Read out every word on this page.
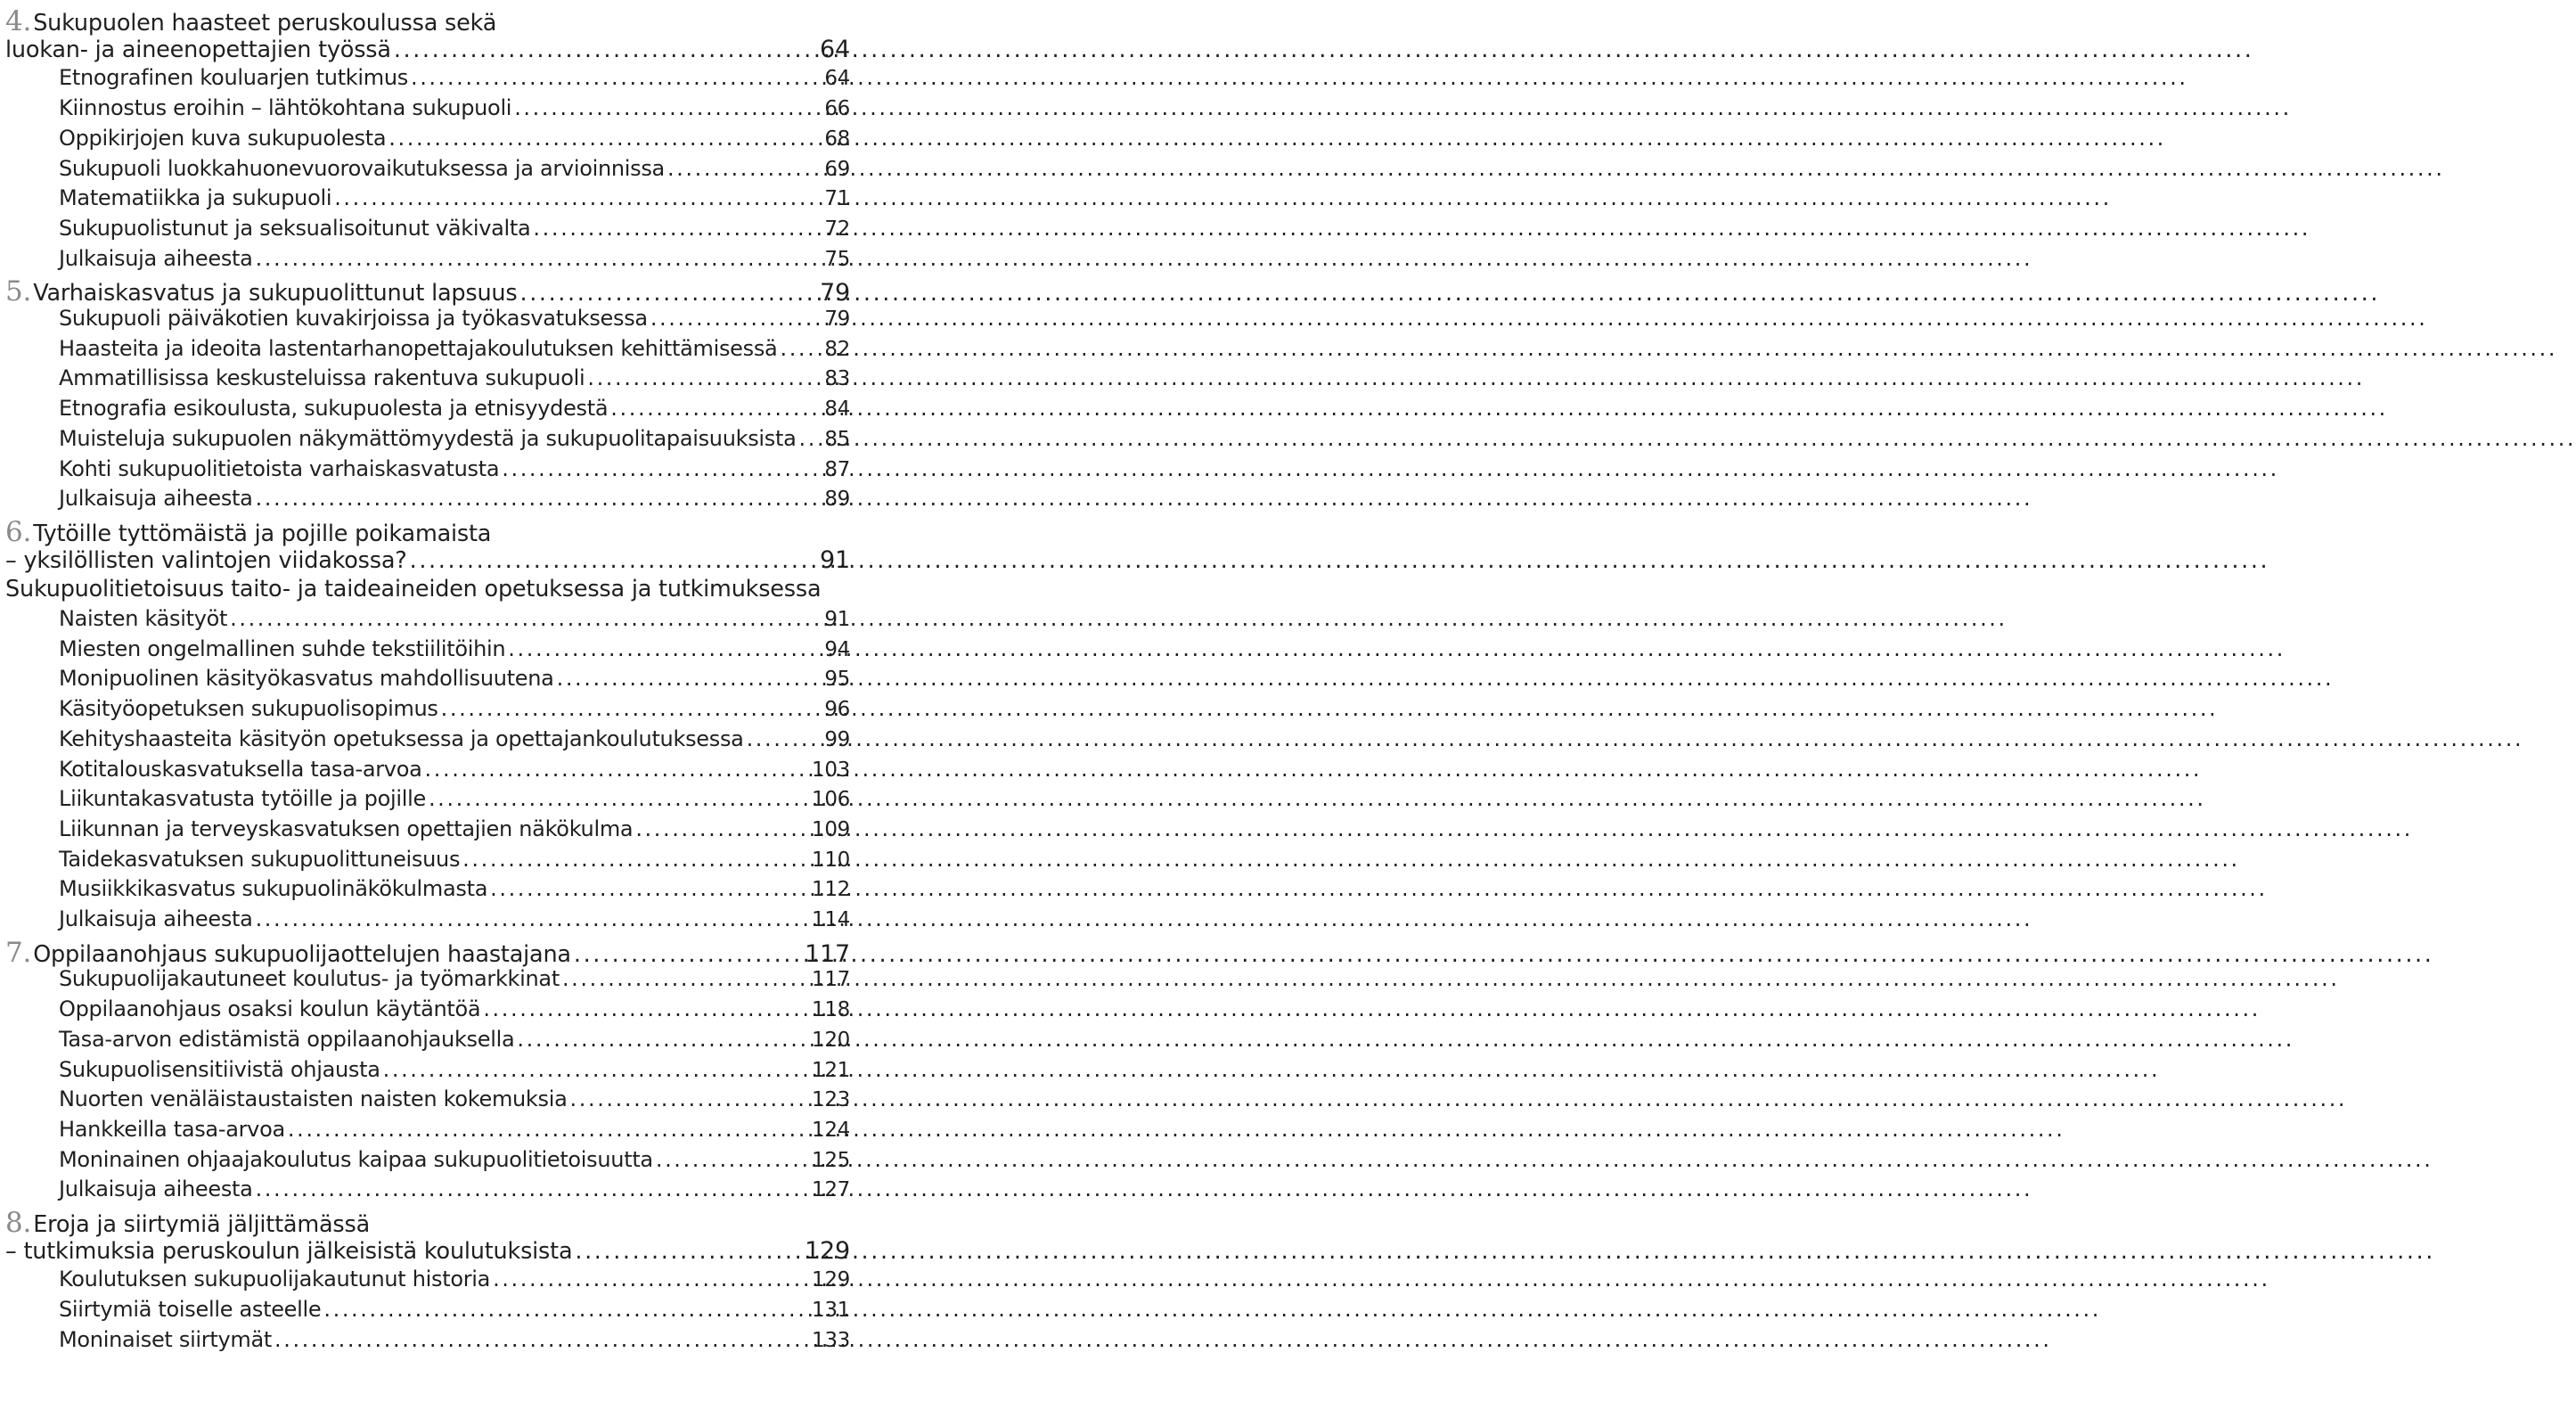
4. Sukupuolen haasteet peruskoulussa sekä
luokan- ja aineenopettajien työssä .....	64
Etnografinen kouluarjen tutkimus .....	64
Kiinnostus eroihin – lähtökohtana sukupuoli .....	66
Oppikirjojen kuva sukupuolesta .....	68
Sukupuoli luokkahuonevuorovaikutuksessa ja arvioinnissa .....	69
Matematiikka ja sukupuoli .....	71
Sukupuolistunut ja seksualisoitunut väkivalta .....	72
Julkaisuja aiheesta .....	75
5. Varhaiskasvatus ja sukupuolittunut lapsuus .....	79
Sukupuoli päiväkotien kuvakirjoissa ja työkasvatuksessa .....	79
Haasteita ja ideoita lastentarhanopettajakoulutuksen kehittämisessä ..... 82
Ammatillisissa keskusteluissa rakentuva sukupuoli .....	83
Etnografia esikoulusta, sukupuolesta ja etnisyydestä .....	84
Muisteluja sukupuolen näkymättömyydestä ja sukupuolitapaisuuksista ..... 85
Kohti sukupuolitietoista varhaiskasvatusta .....	87
Julkaisuja aiheesta .....	89
6. Tytöille tyttömäistä ja pojille poikamaista
– yksilöllisten valintojen viidakossa? .....	91
Sukupuolitietoisuus taito- ja taideaineiden opetuksessa ja tutkimuksessa
Naisten käsityöt .....	91
Miesten ongelmallinen suhde tekstiilitöihin .....	94
Monipuolinen käsityökasvatus mahdollisuutena .....	95
Käsityöopetuksen sukupuolisopimus .....	96
Kehityshaasteita käsityön opetuksessa ja opettajankoulutuksessa .....	99
Kotitalouskasvatuksella tasa-arvoa .....	103
Liikuntakasvatusta tytöille ja pojille .....	106
Liikunnan ja terveyskasvatuksen opettajien näkökulma .....	109
Taidekasvatuksen sukupuolittuneisuus .....	110
Musiikkikasvatus sukupuolinäkökulmasta .....	112
Julkaisuja aiheesta .....	114
7. Oppilaanohjaus sukupuolijaottelujen haastajana .....	117
Sukupuolijakautuneet koulutus- ja työmarkkinat .....	117
Oppilaanohjaus osaksi koulun käytäntöä .....	118
Tasa-arvon edistämistä oppilaanohjauksella .....	120
Sukupuolisensitiivistä ohjausta .....	121
Nuorten venäläistaustaisten naisten kokemuksia .....	123
Hankkeilla tasa-arvoa .....	124
Moninainen ohjaajakoulutus kaipaa sukupuolitietoisuutta .....	125
Julkaisuja aiheesta .....	127
8. Eroja ja siirtymiä jäljittämässä
– tutkimuksia peruskoulun jälkeisistä koulutuksista .....	129
Koulutuksen sukupuolijakautunut historia .....	129
Siirtymiä toiselle asteelle .....	131
Moninaiset siirtymät .....	133
